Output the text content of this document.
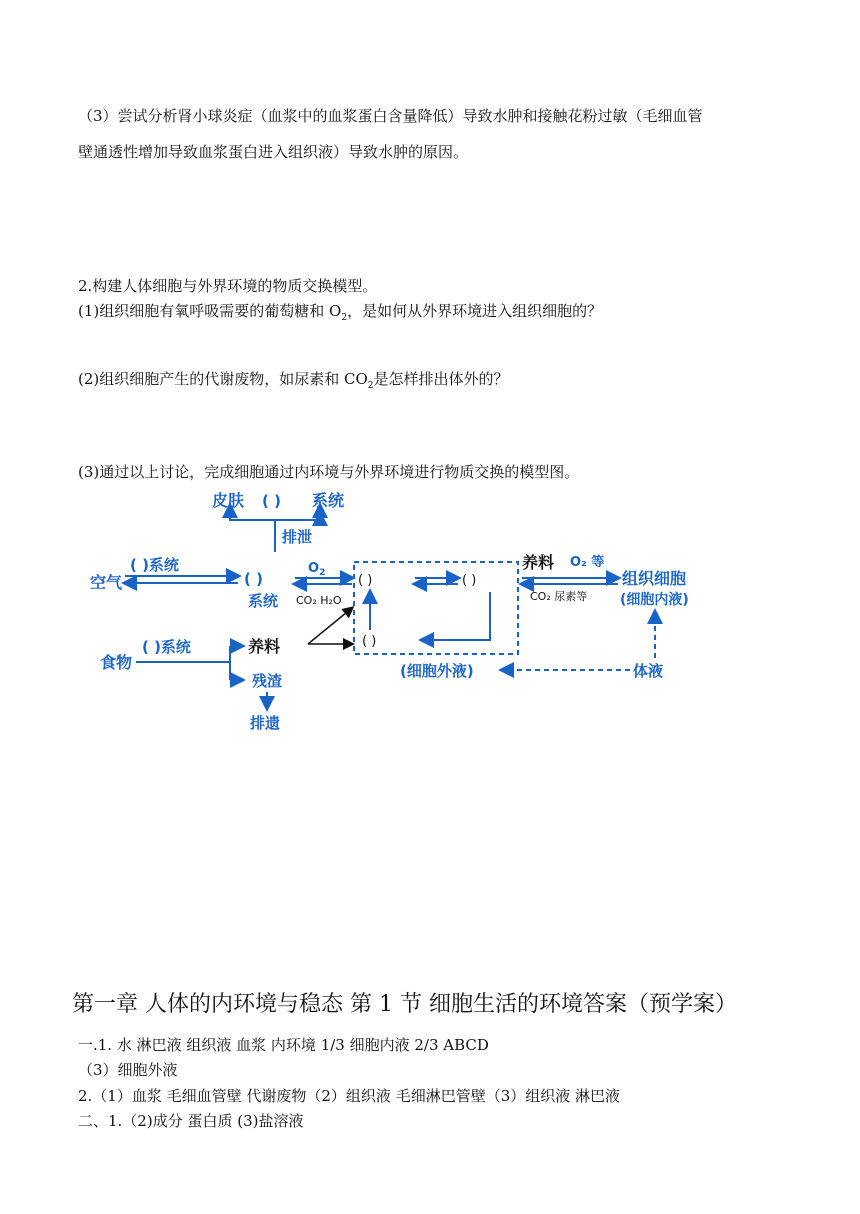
（3）尝试分析肾小球炎症（血浆中的血浆蛋白含量降低）导致水肿和接触花粉过敏（毛细血管
壁通透性增加导致血浆蛋白进入组织液）导致水肿的原因。
2.构建人体细胞与外界环境的物质交换模型。
(1)组织细胞有氧呼吸需要的葡萄糖和 $O_2$，是如何从外界环境进入组织细胞的？
(2)组织细胞产生的代谢废物，如尿素和 $CO_2$是怎样排出体外的？
(3)通过以上讨论，完成细胞通过内环境与外界环境进行物质交换的模型图。
皮肤 ( ) 系统
排泄
( )系统
空气	( )
系统
$O_2$
CO₂ H₂O
( )	( )
( )
养料 O₂ 等
CO₂ 尿素等
组织细胞
(细胞内液)
( )系统
食物
养料
残渣
排遗
(细胞外液)	体液
第一章 人体的内环境与稳态 第 1 节 细胞生活的环境答案（预学案）
一.1. 水 淋巴液 组织液 血浆 内环境 1/3 细胞内液 2/3 ABCD
（3）细胞外液
2.（1）血浆 毛细血管壁 代谢废物（2）组织液 毛细淋巴管壁（3）组织液 淋巴液
二、1.（2)成分 蛋白质 (3)盐溶液
